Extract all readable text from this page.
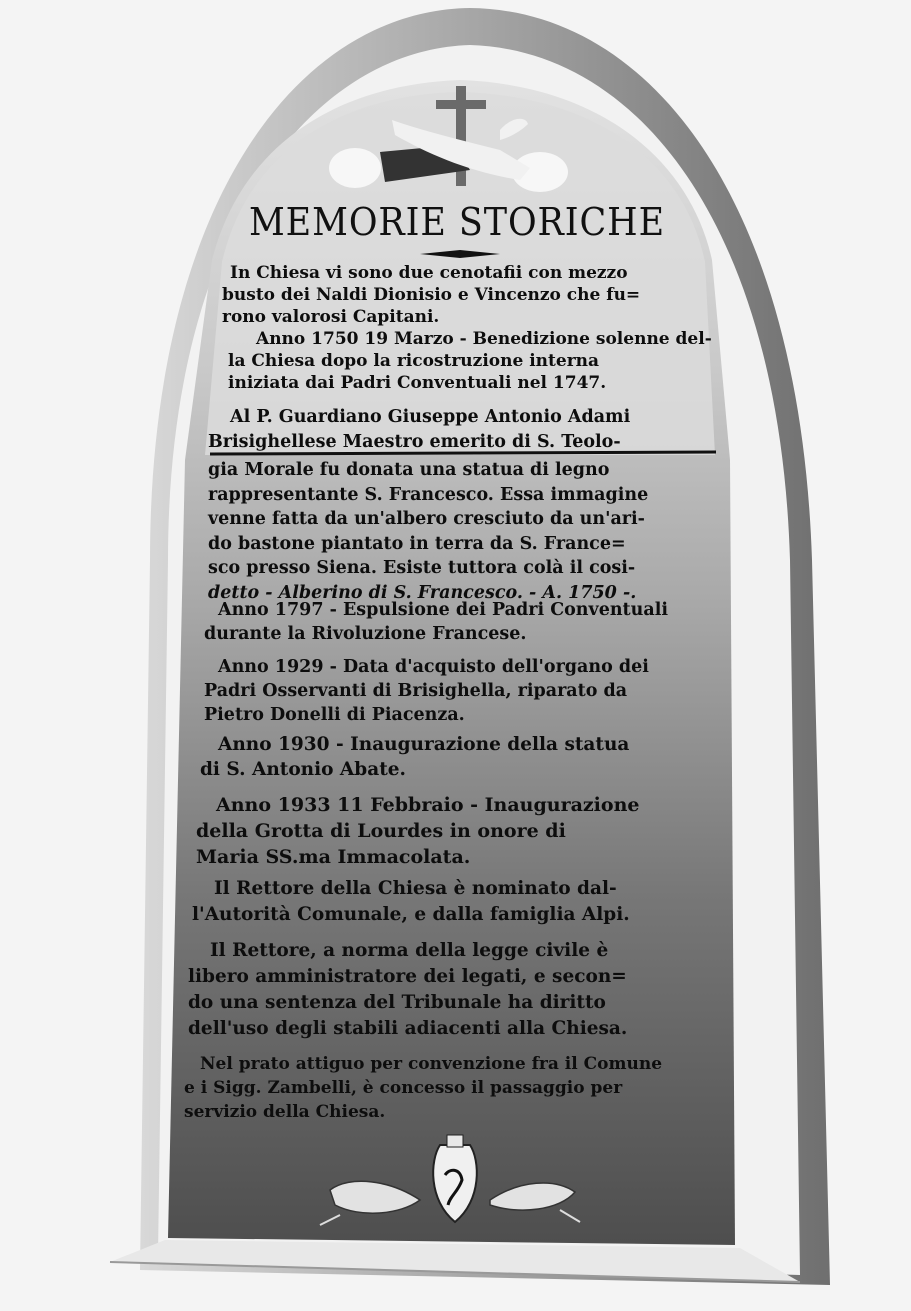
MEMORIE STORICHE
In Chiesa vi sono due cenotafii con mezzo
busto dei Naldi Dionisio e Vincenzo che fu=
rono valorosi Capitani.
Anno 1750 19 Marzo - Benedizione solenne del-
la Chiesa dopo la ricostruzione interna
iniziata dai Padri Conventuali nel 1747.
Al P. Guardiano Giuseppe Antonio Adami
Brisighellese Maestro emerito di S. Teolo-
gia Morale fu donata una statua di legno
rappresentante S. Francesco. Essa immagine
venne fatta da un'albero cresciuto da un'ari-
do bastone piantato in terra da S. France=
sco presso Siena. Esiste tuttora colà il cosi-
detto - Alberino di S. Francesco. - A. 1750 -.
Anno 1797 - Espulsione dei Padri Conventuali
durante la Rivoluzione Francese.
Anno 1929 - Data d'acquisto dell'organo dei
Padri Osservanti di Brisighella, riparato da
Pietro Donelli di Piacenza.
Anno 1930 - Inaugurazione della statua
di S. Antonio Abate.
Anno 1933 11 Febbraio - Inaugurazione
della Grotta di Lourdes in onore di
Maria SS.ma Immacolata.
Il Rettore della Chiesa è nominato dal-
l'Autorità Comunale, e dalla famiglia Alpi.
Il Rettore, a norma della legge civile è
libero amministratore dei legati, e secon=
do una sentenza del Tribunale ha diritto
dell'uso degli stabili adiacenti alla Chiesa.
Nel prato attiguo per convenzione fra il Comune
e i Sigg. Zambelli, è concesso il passaggio per
servizio della Chiesa.
